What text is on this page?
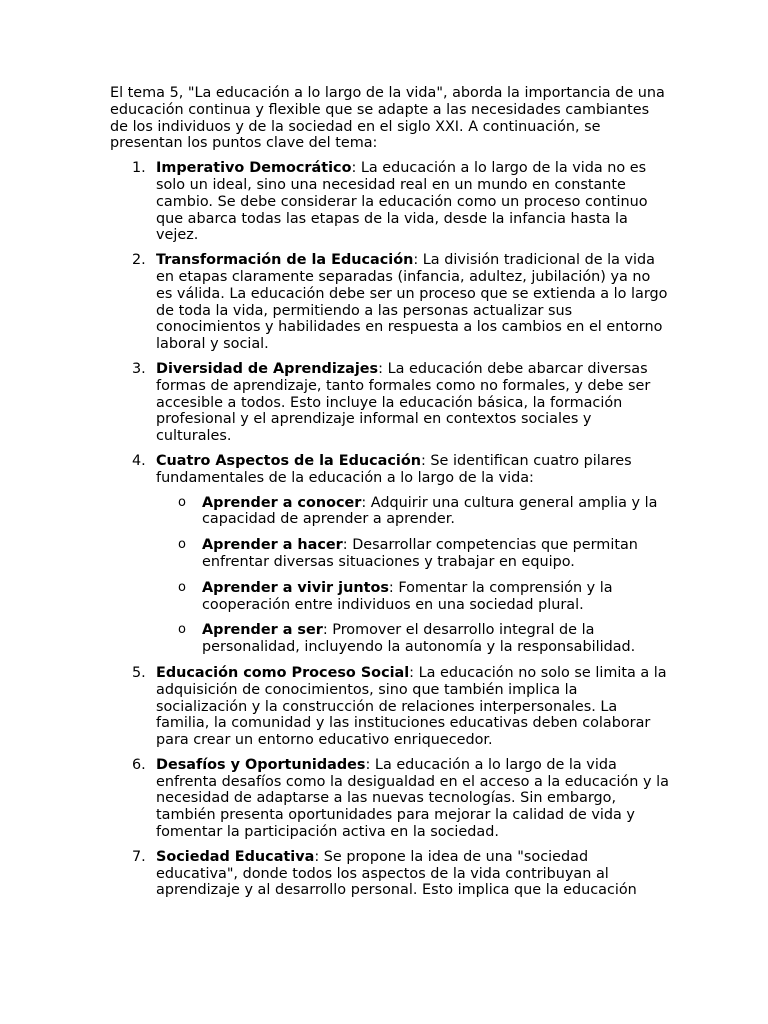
El tema 5, "La educación a lo largo de la vida", aborda la importancia de una educación continua y flexible que se adapte a las necesidades cambiantes de los individuos y de la sociedad en el siglo XXI. A continuación, se presentan los puntos clave del tema:

1. Imperativo Democrático: La educación a lo largo de la vida no es solo un ideal, sino una necesidad real en un mundo en constante cambio. Se debe considerar la educación como un proceso continuo que abarca todas las etapas de la vida, desde la infancia hasta la vejez.
2. Transformación de la Educación: La división tradicional de la vida en etapas claramente separadas (infancia, adultez, jubilación) ya no es válida. La educación debe ser un proceso que se extienda a lo largo de toda la vida, permitiendo a las personas actualizar sus conocimientos y habilidades en respuesta a los cambios en el entorno laboral y social.
3. Diversidad de Aprendizajes: La educación debe abarcar diversas formas de aprendizaje, tanto formales como no formales, y debe ser accesible a todos. Esto incluye la educación básica, la formación profesional y el aprendizaje informal en contextos sociales y culturales.
4. Cuatro Aspectos de la Educación: Se identifican cuatro pilares fundamentales de la educación a lo largo de la vida:
o Aprender a conocer: Adquirir una cultura general amplia y la capacidad de aprender a aprender.
o Aprender a hacer: Desarrollar competencias que permitan enfrentar diversas situaciones y trabajar en equipo.
o Aprender a vivir juntos: Fomentar la comprensión y la cooperación entre individuos en una sociedad plural.
o Aprender a ser: Promover el desarrollo integral de la personalidad, incluyendo la autonomía y la responsabilidad.
5. Educación como Proceso Social: La educación no solo se limita a la adquisición de conocimientos, sino que también implica la socialización y la construcción de relaciones interpersonales. La familia, la comunidad y las instituciones educativas deben colaborar para crear un entorno educativo enriquecedor.
6. Desafíos y Oportunidades: La educación a lo largo de la vida enfrenta desafíos como la desigualdad en el acceso a la educación y la necesidad de adaptarse a las nuevas tecnologías. Sin embargo, también presenta oportunidades para mejorar la calidad de vida y fomentar la participación activa en la sociedad.
7. Sociedad Educativa: Se propone la idea de una "sociedad educativa", donde todos los aspectos de la vida contribuyan al aprendizaje y al desarrollo personal. Esto implica que la educación
